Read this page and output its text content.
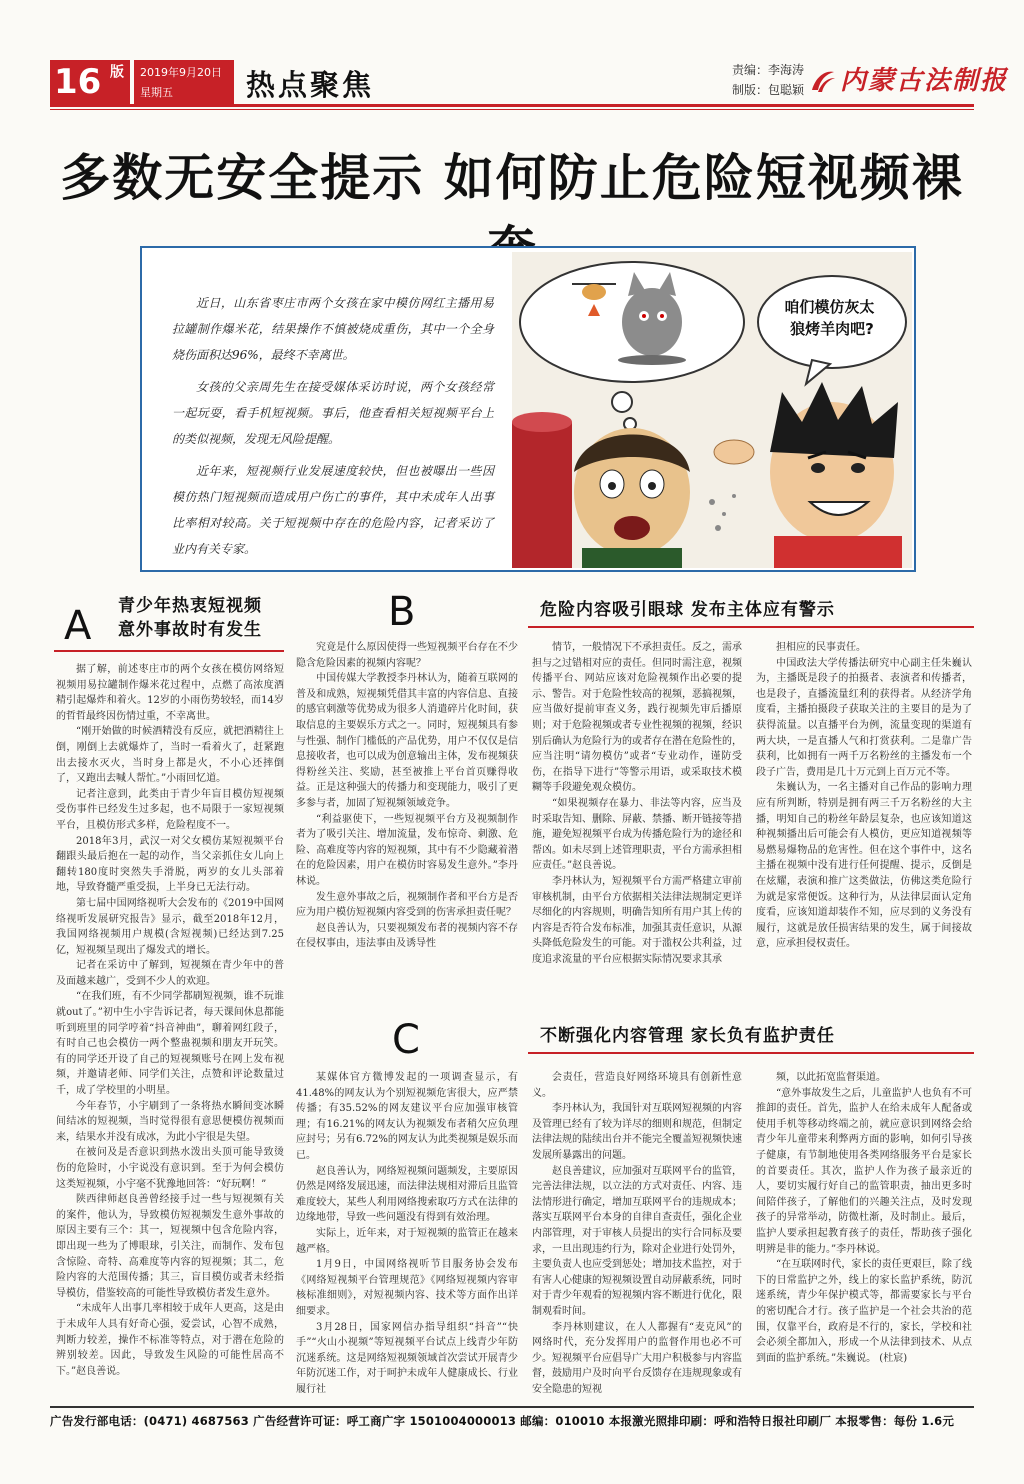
16 版 2019年9月20日
星期五	热点聚焦	责编：李海涛
制版：包聪颖 内蒙古法制报
多数无安全提示 如何防止危险短视频裸

近日，山东省枣庄市两个女孩在家中模仿网红主播用易拉罐制作爆米花，结果操作不慎被烧成重伤，其中一个全身烧伤面积达96%，最终不幸离世。

女孩的父亲周先生在接受媒体采访时说，两个女孩经常一起玩耍，看手机短视频。事后，他查看相关短视频平台上的类似视频，发现无风险提醒。

近年来，短视频行业发展速度较快，但也被曝出一些因模仿热门短视频而造成用户伤亡的事件，其中未成年人出事比率相对较高。关于短视频中存在的危险内容，记者采访了业内有关专家。

咱们模仿灰太 狼烤羊肉吧?
A 青少年热衷短视频
意外事故时有发生

据了解，前述枣庄市的两个女孩在模仿网络短视频用易拉罐制作爆米花过程中，点燃了高浓度酒精引起爆炸和着火。12岁的小雨伤势较轻，而14岁的哲哲最终因伤情过重，不幸离世。

“刚开始做的时候酒精没有反应，就把酒精往上倒，刚倒上去就爆炸了，当时一看着火了，赶紧跑出去接水灭火，当时身上都是火，不小心还摔倒了，又跑出去喊人帮忙。”小雨回忆道。

记者注意到，此类由于青少年盲目模仿短视频受伤事件已经发生过多起，也不局限于一家短视频平台，且模仿形式多样，危险程度不一。

2018年3月，武汉一对父女模仿某短视频平台翻跟头最后抱在一起的动作，当父亲抓住女儿向上翻转180度时突然失手滑脱，两岁的女儿头部着地，导致脊髓严重受损，上半身已无法行动。

第七届中国网络视听大会发布的《2019中国网络视听发展研究报告》显示，截至2018年12月，我国网络视频用户规模(含短视频)已经达到7.25亿，短视频呈现出了爆发式的增长。

记者在采访中了解到，短视频在青少年中的普及面越来越广，受到不少人的欢迎。

“在我们班，有不少同学都刷短视频，谁不玩谁就out了。”初中生小宇告诉记者，每天课间休息都能听到班里的同学哼着“抖音神曲”，聊着网红段子，有时自己也会模仿一两个整蛊视频和朋友开玩笑。有的同学还开设了自己的短视频账号在网上发布视频，并邀请老师、同学们关注，点赞和评论数量过千，成了学校里的小明星。

今年春节，小宇刷到了一条将热水瞬间变冰瞬间结冰的短视频，当时觉得很有意思便模仿视频而来，结果水并没有成冰，为此小宇很是失望。

在被问及是否意识到热水泼出头顶可能导致烫伤的危险时，小宇说没有意识到。至于为何会模仿这类短视频，小宇毫不犹豫地回答：“好玩啊！”

陕西律师赵良善曾经接手过一些与短视频有关的案件，他认为，导致模仿短视频发生意外事故的原因主要有三个：其一，短视频中包含危险内容，即出现一些为了博眼球，引关注，而制作、发布包含惊险、奇特、高难度等内容的短视频；其二，危险内容的大范围传播；其三，盲目模仿或者未经指导模仿，借鉴较高的可能性导致模仿者发生意外。

“未成年人出事几率相较于成年人更高，这是由于未成年人具有好奇心强，爱尝试，心智不成熟，判断力较差，操作不标准等特点，对于潜在危险的辨别较差。因此，导致发生风险的可能性居高不下。”赵良善说。

究竟是什么原因使得一些短视频平台存在不少隐含危险因素的视频内容呢？

中国传媒大学教授李丹林认为，随着互联网的普及和成熟，短视频凭借其丰富的内容信息、直接的感官刺激等优势成为很多人消遣碎片化时间，获取信息的主要娱乐方式之一。同时，短视频具有参与性强、制作门槛低的产品优势，用户不仅仅是信息接收者，也可以成为创意输出主体，发布视频获得粉丝关注、奖励，甚至被推上平台首页赚得收益。正是这种强大的传播力和变现能力，吸引了更多参与者，加固了短视频领域竞争。

“利益驱使下，一些短视频平台方及视频制作者为了吸引关注、增加流量，发布惊奇、刺激、危险、高难度等内容的短视频，其中有不少隐藏着潜在的危险因素，用户在模仿时容易发生意外。”李丹林说。

发生意外事故之后，视频制作者和平台方是否应为用户模仿短视频内容受到的伤害承担责任呢？

赵良善认为，只要视频发布者的视频内容不存在侵权事由，违法事由及诱导性

B	危险内容吸引眼球 发布主体应有警示

情节，一般情况下不承担责任。反之，需承担与之过错相对应的责任。但同时需注意，视频传播平台、网站应该对危险视频作出必要的提示、警告。对于危险性较高的视频，恶搞视频，应当做好提前审查义务，践行视频先审后播原则；对于危险视频或者专业性视频的视频，经识别后确认为危险行为的或者存在潜在危险性的，应当注明“请勿模仿”或者“专业动作，谨防受伤，在指导下进行”等警示用语，或采取技术模糊等手段避免观众模仿。

“如果视频存在暴力、非法等内容，应当及时采取告知、删除、屏蔽、禁播、断开链接等措施，避免短视频平台成为传播危险行为的途径和帮凶。如未尽到上述管理职责，平台方需承担相应责任。”赵良善说。

李丹林认为，短视频平台方需严格建立审前审核机制，由平台方依据相关法律法规制定更详尽细化的内容规则，明确告知所有用户其上传的内容是否符合发布标准，加强其责任意识，从源头降低危险发生的可能。对于滥权公共利益，过度追求流量的平台应根据实际情况要求其承

担相应的民事责任。

中国政法大学传播法研究中心副主任朱巍认为，主播既是段子的拍摄者、表演者和传播者，也是段子，直播流量红利的获得者。从经济学角度看，主播拍摄段子获取关注的主要目的是为了获得流量。以直播平台为例，流量变现的渠道有两大块，一是直播人气和打赏获利。二是靠广告获利，比如拥有一两千万名粉丝的主播发布一个段子广告，费用是几十万元到上百万元不等。

朱巍认为，一名主播对自己作品的影响力理应有所判断，特别是拥有两三千万名粉丝的大主播，明知自己的粉丝年龄层复杂，也应该知道这种视频播出后可能会有人模仿，更应知道视频等易燃易爆物品的危害性。但在这个事件中，这名主播在视频中没有进行任何提醒、提示，反倒是在炫耀，表演和推广这类做法，仿佛这类危险行为就是家常便饭。这种行为，从法律层面认定角度看，应该知道却装作不知，应尽到的义务没有履行，这就是放任损害结果的发生，属于间接故意，应承担侵权责任。

C	不断强化内容管理 家长负有监护责任

某媒体官方微博发起的一项调查显示，有41.48%的网友认为个别短视频危害很大，应严禁传播；有35.52%的网友建议平台应加强审核管理；有16.21%的网友认为视频发布者稍欠应负理应封号；另有6.72%的网友认为此类视频是娱乐而已。

赵良善认为，网络短视频问题频发，主要原因仍然是网络发展迅速，而法律法规相对滞后且监管难度较大，某些人利用网络搜索取巧方式在法律的边缘地带，导致一些问题没有得到有效治理。

实际上，近年来，对于短视频的监管正在越来越严格。

1月9日，中国网络视听节目服务协会发布《网络短视频平台管理规范》《网络短视频内容审核标准细则》，对短视频内容、技术等方面作出详细要求。

3月28日，国家网信办指导组织“抖音”“快手”“火山小视频”等短视频平台试点上线青少年防沉迷系统。这是网络短视频领域首次尝试开展青少年防沉迷工作，对于呵护未成年人健康成长、行业履行社

会责任，营造良好网络环境具有创新性意义。

李丹林认为，我国针对互联网短视频的内容及管理已经有了较为详尽的细则和规范，但制定法律法规的陆续出台并不能完全覆盖短视频快速发展所暴露出的问题。

赵良善建议，应加强对互联网平台的监管，完善法律法规，以立法的方式对责任、内容、违法情形进行确定，增加互联网平台的违规成本；落实互联网平台本身的自律自查责任，强化企业内部管理，对于审核人员提出的实行合同标及要求，一旦出现违约行为，除对企业进行处罚外，主要负责人也应受到惩处；增加技术监控，对于有害人心健康的短视频设置自动屏蔽系统，同时对于青少年观看的短视频内容不断进行优化，限制观看时间。

李丹林则建议，在人人都握有“麦克风”的网络时代，充分发挥用户的监督作用也必不可少。短视频平台应倡导广大用户积极参与内容监督，鼓励用户及时向平台反馈存在违规现象或有安全隐患的短视

频，以此拓宽监督渠道。

“意外事故发生之后，儿童监护人也负有不可推卸的责任。首先，监护人在给未成年人配备或使用手机等移动终端之前，就应意识到网络会给青少年儿童带来利弊两方面的影响，如何引导孩子健康，有节制地使用各类网络服务平台是家长的首要责任。其次，监护人作为孩子最亲近的人，要切实履行好自己的监管职责，抽出更多时间陪伴孩子，了解他们的兴趣关注点，及时发现孩子的异常举动，防微杜渐，及时制止。最后，监护人要承担起教育孩子的责任，帮助孩子强化明辨是非的能力。”李丹林说。

“在互联网时代，家长的责任更艰巨，除了线下的日常监护之外，线上的家长监护系统，防沉迷系统，青少年保护模式等，都需要家长与平台的密切配合才行。孩子监护是一个社会共治的范围，仅靠平台，政府是不行的，家长，学校和社会必须全都加入，形成一个从法律到技术、从点到面的监护系统。”朱巍说。 (杜宸)

广告发行部电话：(0471) 4687563 广告经营许可证：呼工商广字 1501004000013 邮编：010010 本报激光照排印刷：呼和浩特日报社印刷厂 本报零售：每份 1.6元
